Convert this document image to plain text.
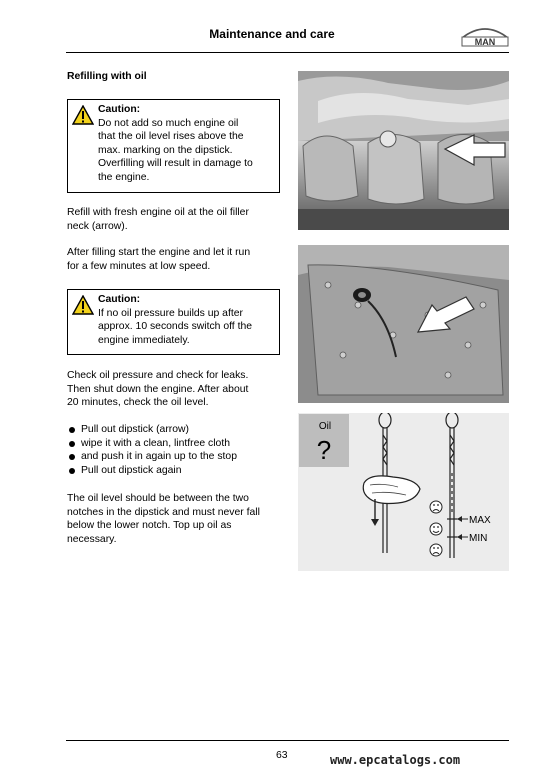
Maintenance and care
MAN
Refilling with oil
Caution:
Do not add so much engine oil
that the oil level rises above the
max. marking on the dipstick.
Overfilling will result in damage to
the engine.
Refill with fresh engine oil at the oil filler
neck (arrow).
After filling start the engine and let it run
for a few minutes at low speed.
Caution:
If no oil pressure builds up after
approx. 10 seconds switch off the
engine immediately.
Check oil pressure and check for leaks.
Then shut down the engine. After about
20 minutes, check the oil level.
Pull out dipstick (arrow)
wipe it with a clean, lintfree cloth
and push it in again up to the stop
Pull out dipstick again
The oil level should be between the two
notches in the dipstick and must never fall
below the lower notch. Top up oil as
necessary.
Oil
?
MAX
MIN
63	www.epcatalogs.com
